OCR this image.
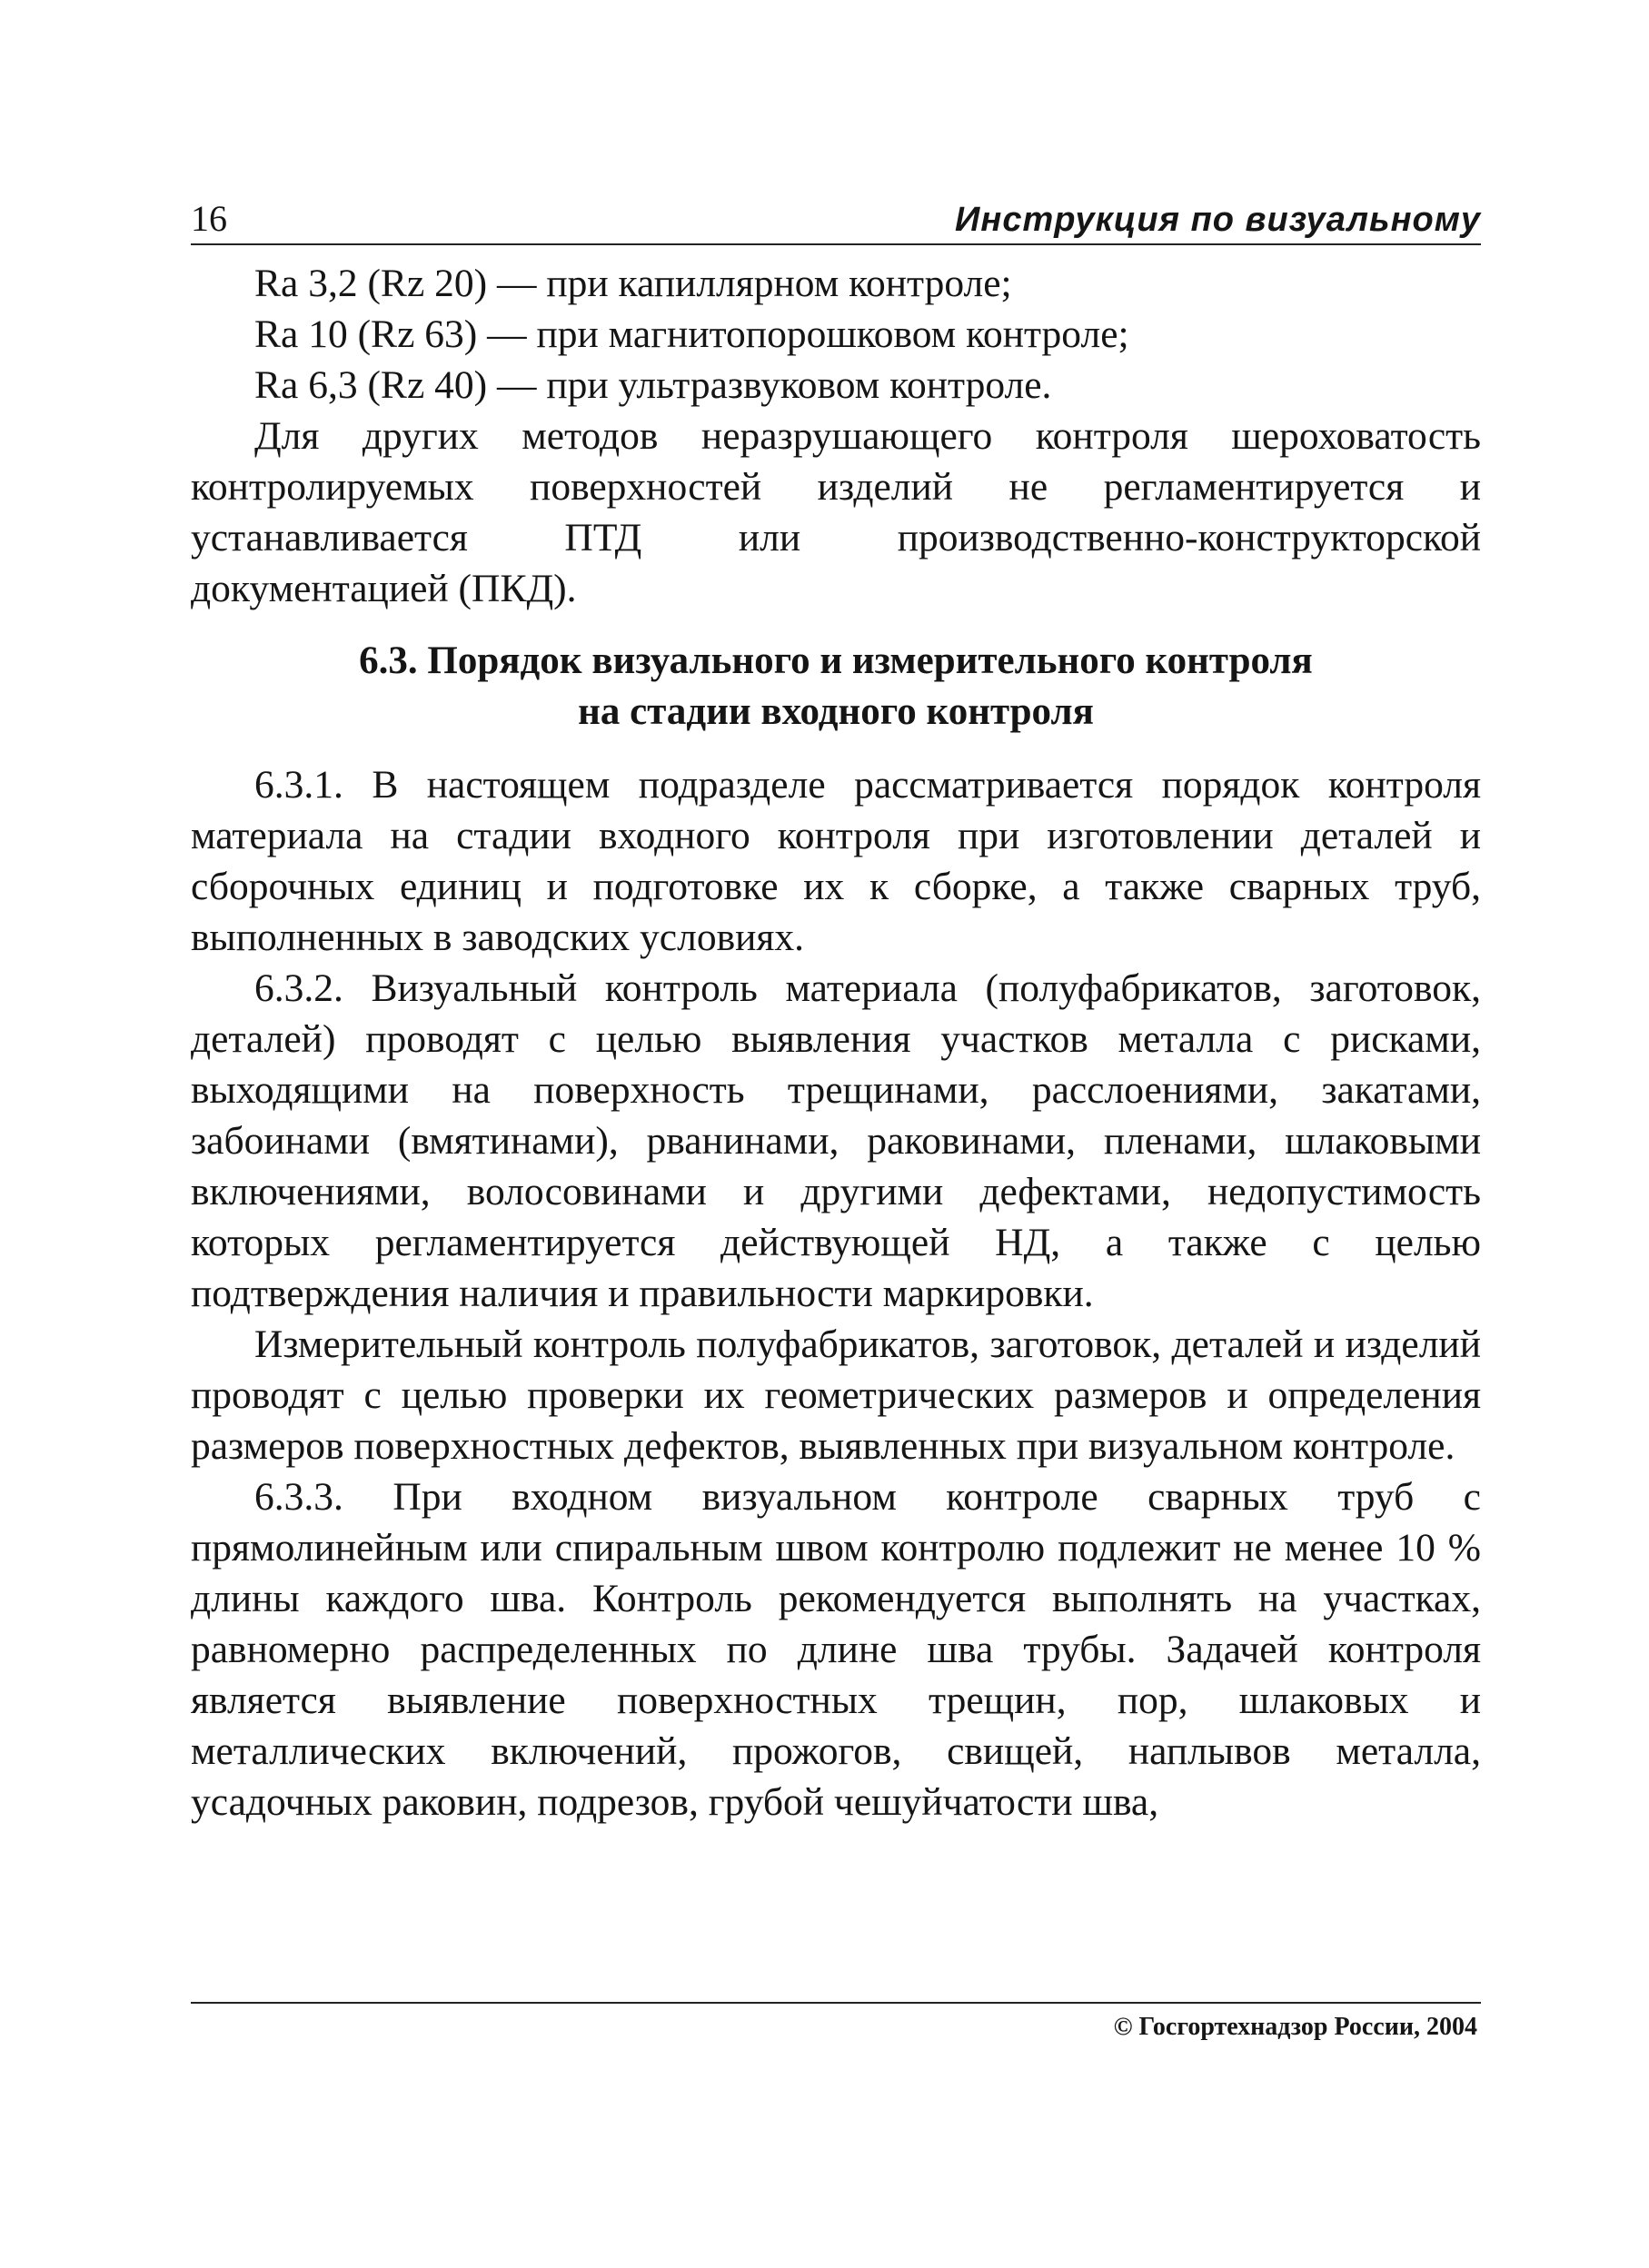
16	Инструкция по визуальному

Ra 3,2 (Rz 20) — при капиллярном контроле;

Ra 10 (Rz 63) — при магнитопорошковом контроле;

Ra 6,3 (Rz 40) — при ультразвуковом контроле.

Для других методов неразрушающего контроля шероховатость контролируемых поверхностей изделий не регламентируется и устанавливается ПТД или производственно-конструкторской документацией (ПКД).

6.3. Порядок визуального и измерительного контроля
на стадии входного контроля

6.3.1. В настоящем подразделе рассматривается порядок контроля материала на стадии входного контроля при изготовлении деталей и сборочных единиц и подготовке их к сборке, а также сварных труб, выполненных в заводских условиях.

6.3.2. Визуальный контроль материала (полуфабрикатов, заготовок, деталей) проводят с целью выявления участков металла с рисками, выходящими на поверхность трещинами, расслоениями, закатами, забоинами (вмятинами), рванинами, раковинами, пленами, шлаковыми включениями, волосовинами и другими дефектами, недопустимость которых регламентируется действующей НД, а также с целью подтверждения наличия и правильности маркировки.

Измерительный контроль полуфабрикатов, заготовок, деталей и изделий проводят с целью проверки их геометрических размеров и определения размеров поверхностных дефектов, выявленных при визуальном контроле.

6.3.3. При входном визуальном контроле сварных труб с прямолинейным или спиральным швом контролю подлежит не менее 10 % длины каждого шва. Контроль рекомендуется выполнять на участках, равномерно распределенных по длине шва трубы. Задачей контроля является выявление поверхностных трещин, пор, шлаковых и металлических включений, прожогов, свищей, наплывов металла, усадочных раковин, подрезов, грубой чешуйчатости шва,

© Госгортехнадзор России, 2004
